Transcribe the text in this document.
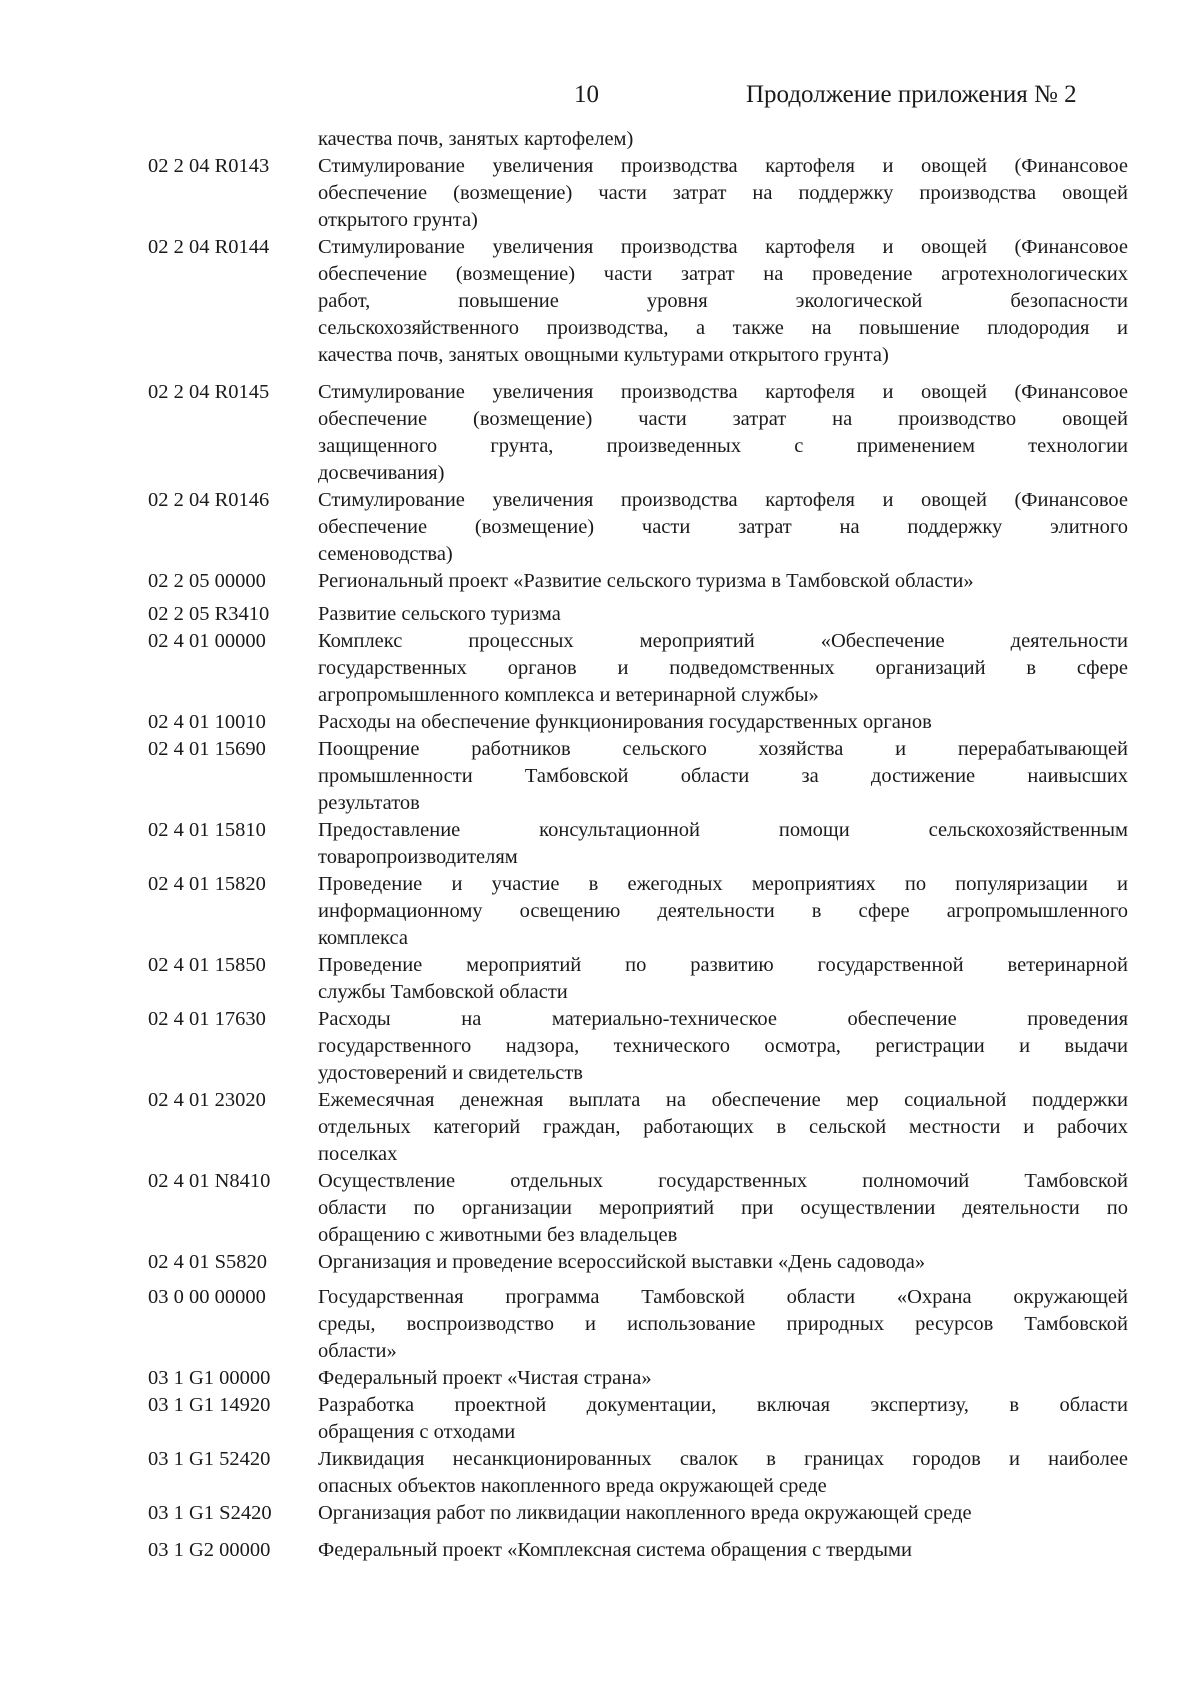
10	Продолжение приложения № 2
качества почв, занятых картофелем)
02 2 04 R0143	Стимулирование увеличения производства картофеля и овощей (Финансовое
обеспечение (возмещение) части затрат на поддержку производства овощей
открытого грунта)
02 2 04 R0144	Стимулирование увеличения производства картофеля и овощей (Финансовое
обеспечение (возмещение) части затрат на проведение агротехнологических
работ, повышение уровня экологической безопасности
сельскохозяйственного производства, а также на повышение плодородия и
качества почв, занятых овощными культурами открытого грунта)
02 2 04 R0145	Стимулирование увеличения производства картофеля и овощей (Финансовое
обеспечение (возмещение) части затрат на производство овощей
защищенного грунта, произведенных с применением технологии
досвечивания)
02 2 04 R0146	Стимулирование увеличения производства картофеля и овощей (Финансовое
обеспечение (возмещение) части затрат на поддержку элитного
семеноводства)
02 2 05 00000	Региональный проект «Развитие сельского туризма в Тамбовской области»
02 2 05 R3410	Развитие сельского туризма
02 4 01 00000	Комплекс процессных мероприятий «Обеспечение деятельности
государственных органов и подведомственных организаций в сфере
агропромышленного комплекса и ветеринарной службы»
02 4 01 10010	Расходы на обеспечение функционирования государственных органов
02 4 01 15690	Поощрение работников сельского хозяйства и перерабатывающей
промышленности Тамбовской области за достижение наивысших
результатов
02 4 01 15810	Предоставление консультационной помощи сельскохозяйственным
товаропроизводителям
02 4 01 15820	Проведение и участие в ежегодных мероприятиях по популяризации и
информационному освещению деятельности в сфере агропромышленного
комплекса
02 4 01 15850	Проведение мероприятий по развитию государственной ветеринарной
службы Тамбовской области
02 4 01 17630	Расходы на материально-техническое обеспечение проведения
государственного надзора, технического осмотра, регистрации и выдачи
удостоверений и свидетельств
02 4 01 23020	Ежемесячная денежная выплата на обеспечение мер социальной поддержки
отдельных категорий граждан, работающих в сельской местности и рабочих
поселках
02 4 01 N8410	Осуществление отдельных государственных полномочий Тамбовской
области по организации мероприятий при осуществлении деятельности по
обращению с животными без владельцев
02 4 01 S5820	Организация и проведение всероссийской выставки «День садовода»
03 0 00 00000	Государственная программа Тамбовской области «Охрана окружающей
среды, воспроизводство и использование природных ресурсов Тамбовской
области»
03 1 G1 00000	Федеральный проект «Чистая страна»
03 1 G1 14920	Разработка проектной документации, включая экспертизу, в области
обращения с отходами
03 1 G1 52420	Ликвидация несанкционированных свалок в границах городов и наиболее
опасных объектов накопленного вреда окружающей среде
03 1 G1 S2420	Организация работ по ликвидации накопленного вреда окружающей среде
03 1 G2 00000	Федеральный проект «Комплексная система обращения с твердыми
